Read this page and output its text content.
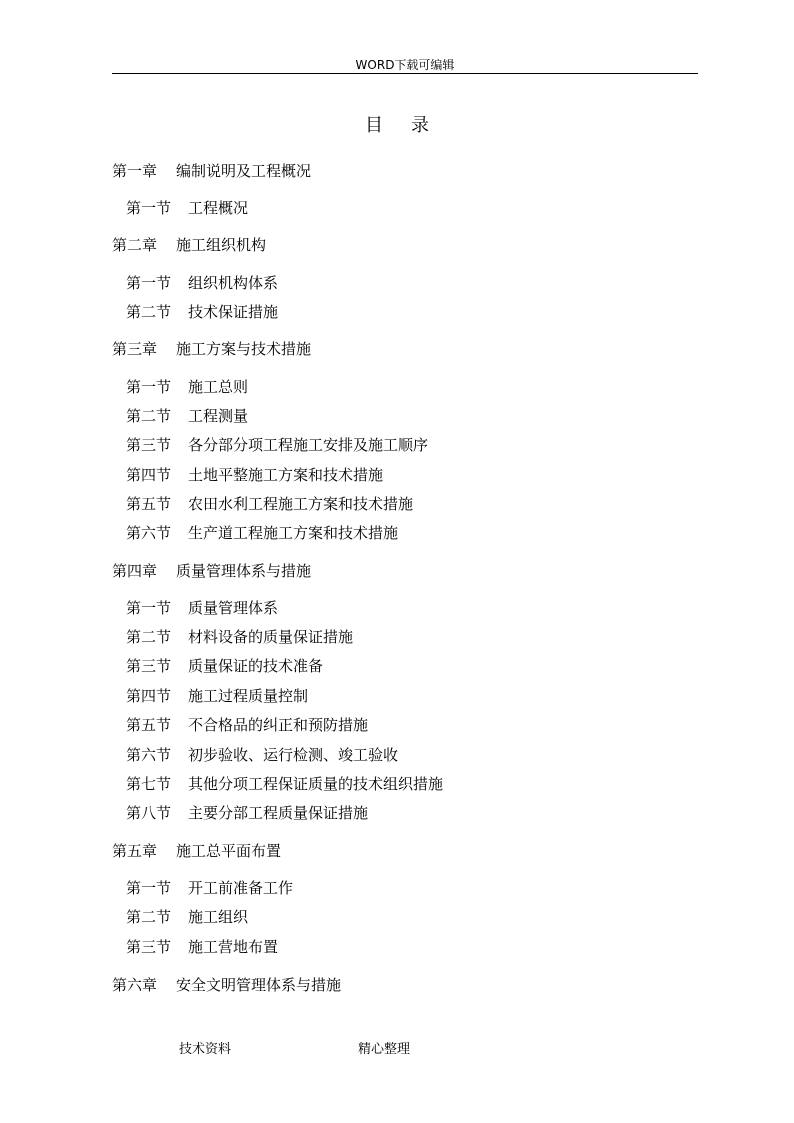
WORD下载可编辑
目 录
第一章 编制说明及工程概况
第一节 工程概况
第二章 施工组织机构
第一节 组织机构体系
第二节 技术保证措施
第三章 施工方案与技术措施
第一节 施工总则
第二节 工程测量
第三节 各分部分项工程施工安排及施工顺序
第四节 土地平整施工方案和技术措施
第五节 农田水利工程施工方案和技术措施
第六节 生产道工程施工方案和技术措施
第四章 质量管理体系与措施
第一节 质量管理体系
第二节 材料设备的质量保证措施
第三节 质量保证的技术准备
第四节 施工过程质量控制
第五节 不合格品的纠正和预防措施
第六节 初步验收、运行检测、竣工验收
第七节 其他分项工程保证质量的技术组织措施
第八节 主要分部工程质量保证措施
第五章 施工总平面布置
第一节 开工前准备工作
第二节 施工组织
第三节 施工营地布置
第六章 安全文明管理体系与措施
技术资料	精心整理
